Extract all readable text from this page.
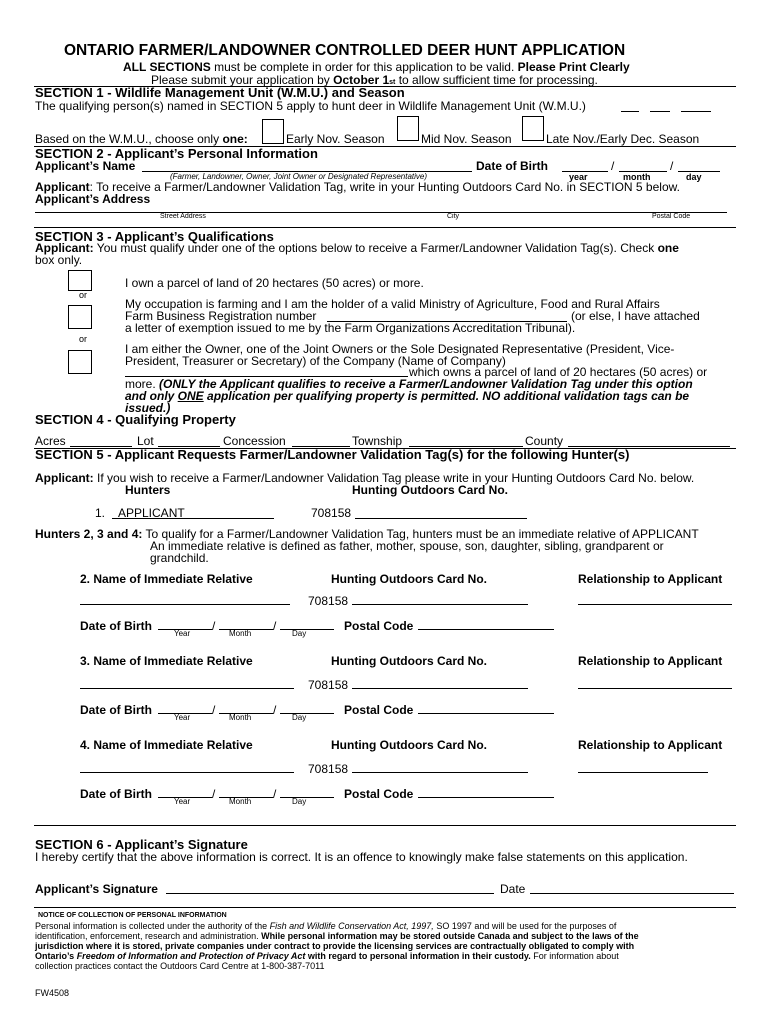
ONTARIO FARMER/LANDOWNER CONTROLLED DEER HUNT APPLICATION
ALL SECTIONS must be complete in order for this application to be valid. Please Print Clearly
Please submit your application by October 1st to allow sufficient time for processing.
SECTION 1 - Wildlife Management Unit (W.M.U.) and Season
The qualifying person(s) named in SECTION 5 apply to hunt deer in Wildlife Management Unit (W.M.U.)
Based on the W.M.U., choose only one:	Early Nov. Season	Mid Nov. Season	Late Nov./Early Dec. Season
SECTION 2 - Applicant’s Personal Information
Applicant’s Name	Date of Birth	/	/
(Farmer, Landowner, Owner, Joint Owner or Designated Representative)	year	month	day
Applicant: To receive a Farmer/Landowner Validation Tag, write in your Hunting Outdoors Card No. in SECTION 5 below.
Applicant’s Address
Street Address	City	Postal Code
SECTION 3 - Applicant’s Qualifications
Applicant: You must qualify under one of the options below to receive a Farmer/Landowner Validation Tag(s). Check one
box only.
I own a parcel of land of 20 hectares (50 acres) or more.
or
My occupation is farming and I am the holder of a valid Ministry of Agriculture, Food and Rural Affairs
Farm Business Registration number	(or else, I have attached
a letter of exemption issued to me by the Farm Organizations Accreditation Tribunal).
or
I am either the Owner, one of the Joint Owners or the Sole Designated Representative (President, Vice-
President, Treasurer or Secretary) of the Company (Name of Company)
which owns a parcel of land of 20 hectares (50 acres) or
more. (ONLY the Applicant qualifies to receive a Farmer/Landowner Validation Tag under this option
and only ONE application per qualifying property is permitted. NO additional validation tags can be
issued.)
SECTION 4 - Qualifying Property
Acres	Lot	Concession	Township	County
SECTION 5 - Applicant Requests Farmer/Landowner Validation Tag(s) for the following Hunter(s)
Applicant: If you wish to receive a Farmer/Landowner Validation Tag please write in your Hunting Outdoors Card No. below.
Hunters	Hunting Outdoors Card No.
1. APPLICANT	708158
Hunters 2, 3 and 4: To qualify for a Farmer/Landowner Validation Tag, hunters must be an immediate relative of APPLICANT
An immediate relative is defined as father, mother, spouse, son, daughter, sibling, grandparent or
grandchild.
2. Name of Immediate Relative	Hunting Outdoors Card No.	Relationship to Applicant
708158
Date of Birth	/	/
Year	Month	Day
Postal Code
3. Name of Immediate Relative	Hunting Outdoors Card No.	Relationship to Applicant
708158
Date of Birth	/	/
Year	Month	Day
Postal Code
4. Name of Immediate Relative	Hunting Outdoors Card No.	Relationship to Applicant
708158
Date of Birth	/	/
Year	Month	Day
Postal Code
SECTION 6 - Applicant’s Signature
I hereby certify that the above information is correct. It is an offence to knowingly make false statements on this application.
Applicant’s Signature	Date
NOTICE OF COLLECTION OF PERSONAL INFORMATION
Personal information is collected under the authority of the Fish and Wildlife Conservation Act, 1997, SO 1997 and will be used for the purposes of
identification, enforcement, research and administration. While personal information may be stored outside Canada and subject to the laws of the
jurisdiction where it is stored, private companies under contract to provide the licensing services are contractually obligated to comply with
Ontario’s Freedom of Information and Protection of Privacy Act with regard to personal information in their custody. For information about
collection practices contact the Outdoors Card Centre at 1-800-387-7011
FW4508
